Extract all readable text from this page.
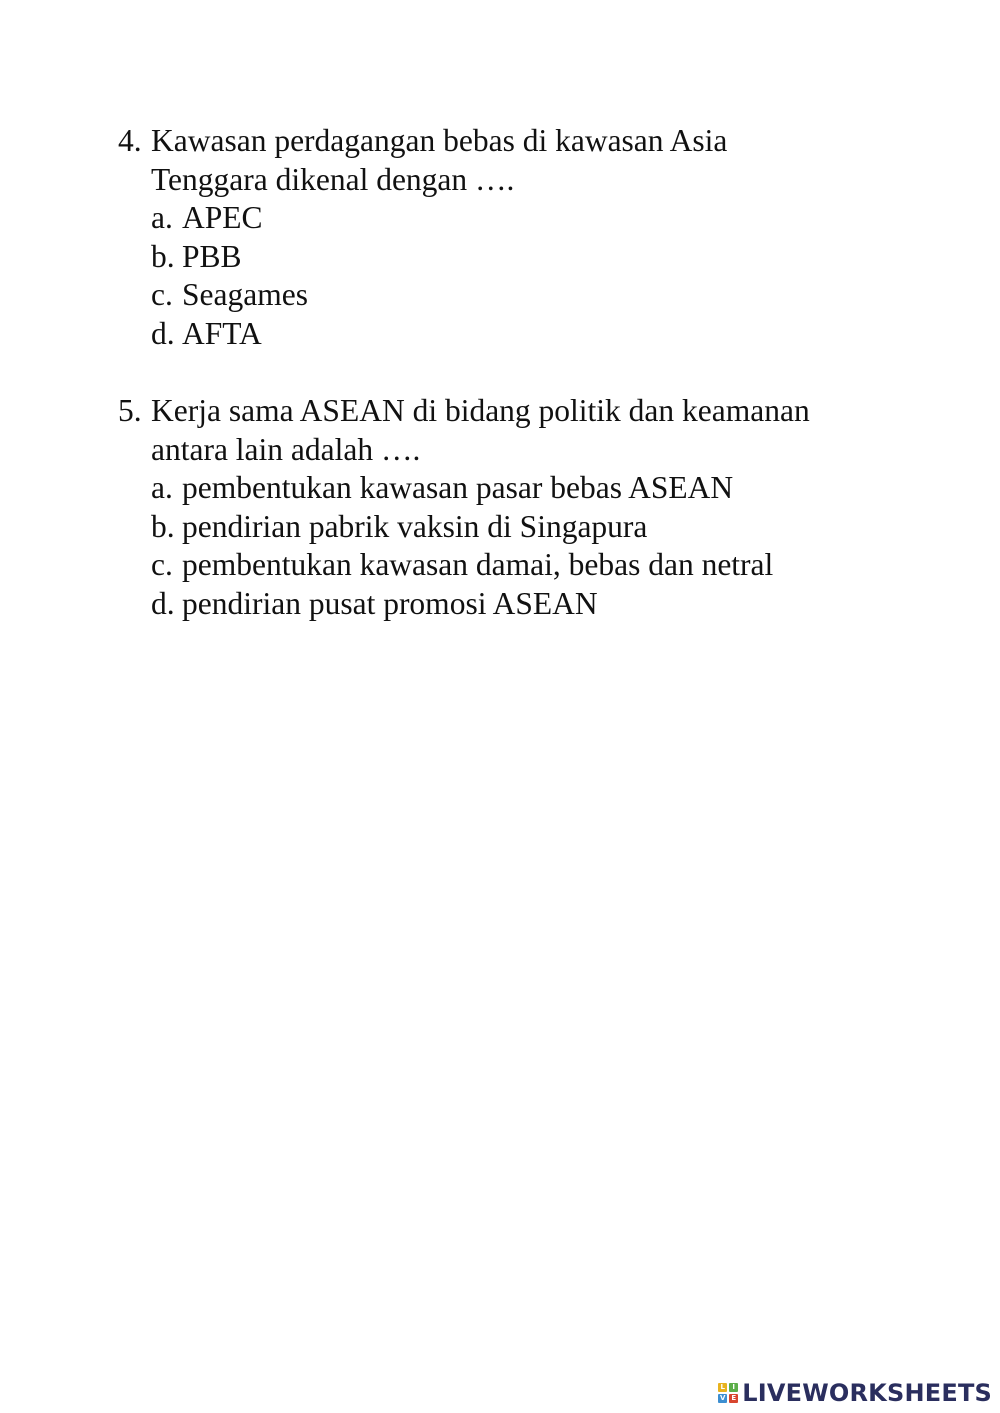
4. Kawasan perdagangan bebas di kawasan Asia
Tenggara dikenal dengan ….
a. APEC
b. PBB
c. Seagames
d. AFTA
5. Kerja sama ASEAN di bidang politik dan keamanan
antara lain adalah ….
a. pembentukan kawasan pasar bebas ASEAN
b. pendirian pabrik vaksin di Singapura
c. pembentukan kawasan damai, bebas dan netral
d. pendirian pusat promosi ASEAN
L	I
V E LIVEWORKSHEETS
